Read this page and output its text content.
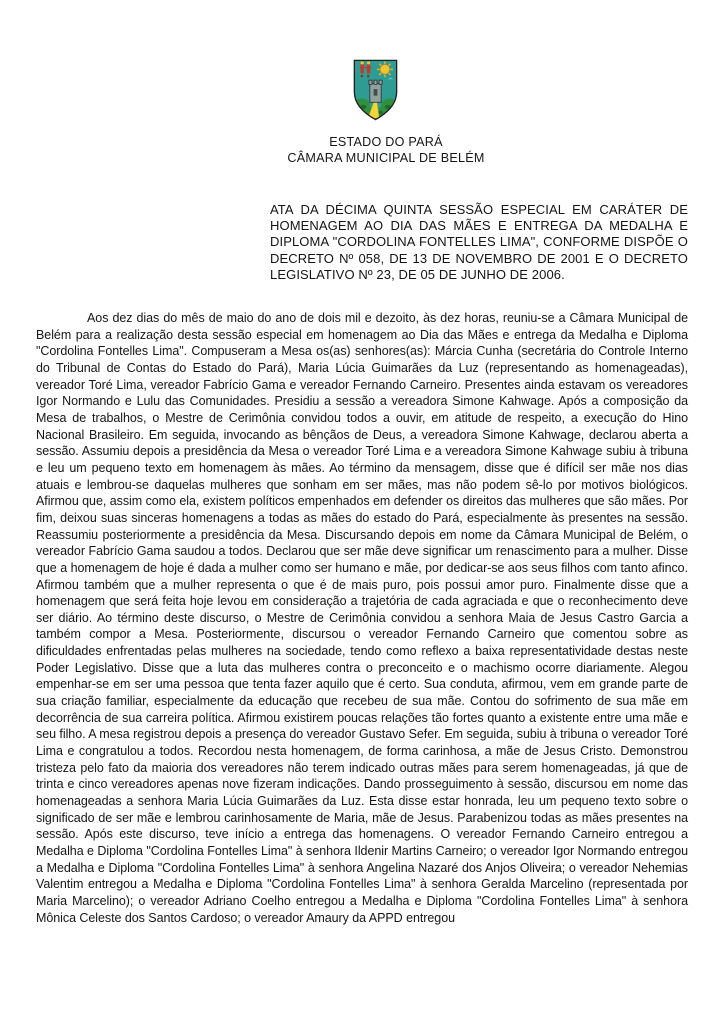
ESTADO DO PARÁ
CÂMARA MUNICIPAL DE BELÉM

ATA DA DÉCIMA QUINTA SESSÃO ESPECIAL EM CARÁTER DE HOMENAGEM AO DIA DAS MÃES E ENTREGA DA MEDALHA E DIPLOMA "CORDOLINA FONTELLES LIMA", CONFORME DISPÕE O DECRETO Nº 058, DE 13 DE NOVEMBRO DE 2001 E O DECRETO LEGISLATIVO Nº 23, DE 05 DE JUNHO DE 2006.

Aos dez dias do mês de maio do ano de dois mil e dezoito, às dez horas, reuniu-se a Câmara Municipal de Belém para a realização desta sessão especial em homenagem ao Dia das Mães e entrega da Medalha e Diploma "Cordolina Fontelles Lima". Compuseram a Mesa os(as) senhores(as): Márcia Cunha (secretária do Controle Interno do Tribunal de Contas do Estado do Pará), Maria Lúcia Guimarães da Luz (representando as homenageadas), vereador Toré Lima, vereador Fabrício Gama e vereador Fernando Carneiro. Presentes ainda estavam os vereadores Igor Normando e Lulu das Comunidades. Presidiu a sessão a vereadora Simone Kahwage. Após a composição da Mesa de trabalhos, o Mestre de Cerimônia convidou todos a ouvir, em atitude de respeito, a execução do Hino Nacional Brasileiro. Em seguida, invocando as bênçãos de Deus, a vereadora Simone Kahwage, declarou aberta a sessão. Assumiu depois a presidência da Mesa o vereador Toré Lima e a vereadora Simone Kahwage subiu à tribuna e leu um pequeno texto em homenagem às mães. Ao término da mensagem, disse que é difícil ser mãe nos dias atuais e lembrou-se daquelas mulheres que sonham em ser mães, mas não podem sê-lo por motivos biológicos. Afirmou que, assim como ela, existem políticos empenhados em defender os direitos das mulheres que são mães. Por fim, deixou suas sinceras homenagens a todas as mães do estado do Pará, especialmente às presentes na sessão. Reassumiu posteriormente a presidência da Mesa. Discursando depois em nome da Câmara Municipal de Belém, o vereador Fabrício Gama saudou a todos. Declarou que ser mãe deve significar um renascimento para a mulher. Disse que a homenagem de hoje é dada a mulher como ser humano e mãe, por dedicar-se aos seus filhos com tanto afinco. Afirmou também que a mulher representa o que é de mais puro, pois possui amor puro. Finalmente disse que a homenagem que será feita hoje levou em consideração a trajetória de cada agraciada e que o reconhecimento deve ser diário. Ao término deste discurso, o Mestre de Cerimônia convidou a senhora Maia de Jesus Castro Garcia a também compor a Mesa. Posteriormente, discursou o vereador Fernando Carneiro que comentou sobre as dificuldades enfrentadas pelas mulheres na sociedade, tendo como reflexo a baixa representatividade destas neste Poder Legislativo. Disse que a luta das mulheres contra o preconceito e o machismo ocorre diariamente. Alegou empenhar-se em ser uma pessoa que tenta fazer aquilo que é certo. Sua conduta, afirmou, vem em grande parte de sua criação familiar, especialmente da educação que recebeu de sua mãe. Contou do sofrimento de sua mãe em decorrência de sua carreira política. Afirmou existirem poucas relações tão fortes quanto a existente entre uma mãe e seu filho. A mesa registrou depois a presença do vereador Gustavo Sefer. Em seguida, subiu à tribuna o vereador Toré Lima e congratulou a todos. Recordou nesta homenagem, de forma carinhosa, a mãe de Jesus Cristo. Demonstrou tristeza pelo fato da maioria dos vereadores não terem indicado outras mães para serem homenageadas, já que de trinta e cinco vereadores apenas nove fizeram indicações. Dando prosseguimento à sessão, discursou em nome das homenageadas a senhora Maria Lúcia Guimarães da Luz. Esta disse estar honrada, leu um pequeno texto sobre o significado de ser mãe e lembrou carinhosamente de Maria, mãe de Jesus. Parabenizou todas as mães presentes na sessão. Após este discurso, teve início a entrega das homenagens. O vereador Fernando Carneiro entregou a Medalha e Diploma "Cordolina Fontelles Lima" à senhora Ildenir Martins Carneiro; o vereador Igor Normando entregou a Medalha e Diploma "Cordolina Fontelles Lima" à senhora Angelina Nazaré dos Anjos Oliveira; o vereador Nehemias Valentim entregou a Medalha e Diploma "Cordolina Fontelles Lima" à senhora Geralda Marcelino (representada por Maria Marcelino); o vereador Adriano Coelho entregou a Medalha e Diploma "Cordolina Fontelles Lima" à senhora Mônica Celeste dos Santos Cardoso; o vereador Amaury da APPD entregou
